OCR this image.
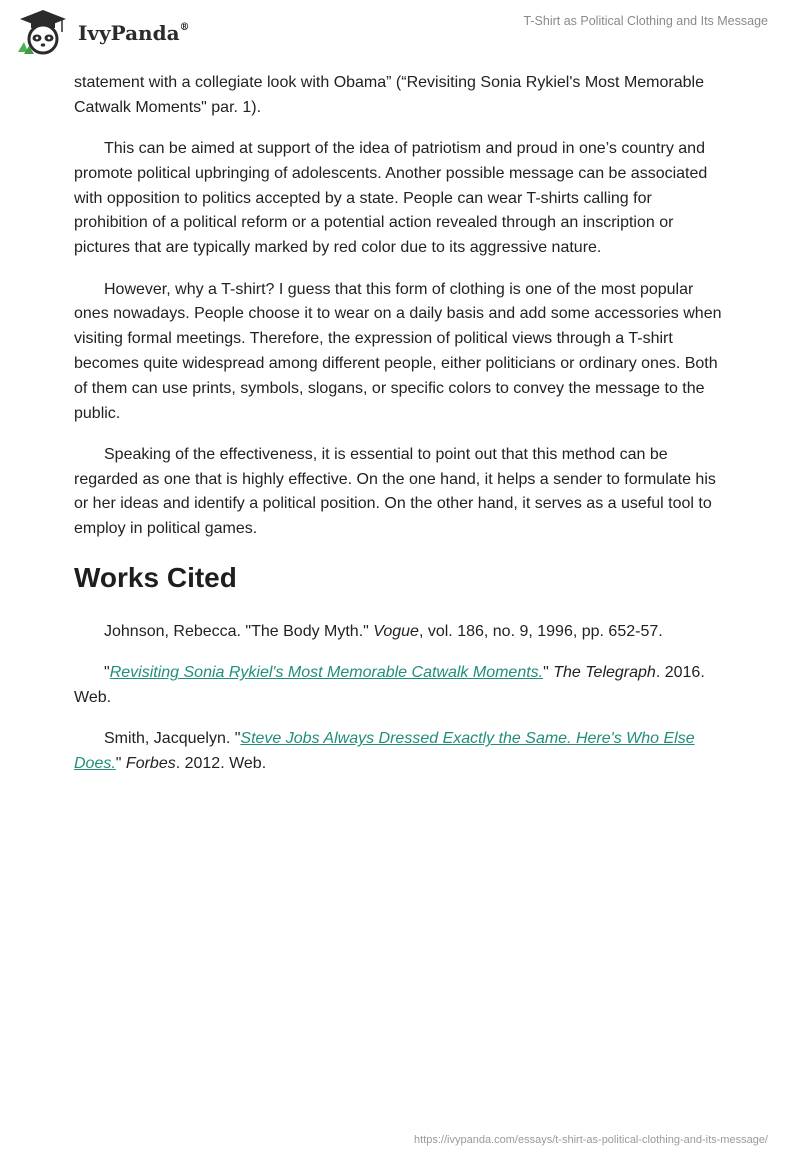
IvyPanda®	T-Shirt as Political Clothing and Its Message

statement with a collegiate look with Obama” (“Revisiting Sonia Rykiel's Most Memorable Catwalk Moments" par. 1).

This can be aimed at support of the idea of patriotism and proud in one’s country and promote political upbringing of adolescents. Another possible message can be associated with opposition to politics accepted by a state. People can wear T-shirts calling for prohibition of a political reform or a potential action revealed through an inscription or pictures that are typically marked by red color due to its aggressive nature.

However, why a T-shirt? I guess that this form of clothing is one of the most popular ones nowadays. People choose it to wear on a daily basis and add some accessories when visiting formal meetings. Therefore, the expression of political views through a T-shirt becomes quite widespread among different people, either politicians or ordinary ones. Both of them can use prints, symbols, slogans, or specific colors to convey the message to the public.

Speaking of the effectiveness, it is essential to point out that this method can be regarded as one that is highly effective. On the one hand, it helps a sender to formulate his or her ideas and identify a political position. On the other hand, it serves as a useful tool to employ in political games.

Works Cited

Johnson, Rebecca. "The Body Myth." Vogue, vol. 186, no. 9, 1996, pp. 652-57.

"Revisiting Sonia Rykiel's Most Memorable Catwalk Moments." The Telegraph. 2016. Web.

Smith, Jacquelyn. "Steve Jobs Always Dressed Exactly the Same. Here's Who Else Does." Forbes. 2012. Web.

https://ivypanda.com/essays/t-shirt-as-political-clothing-and-its-message/
